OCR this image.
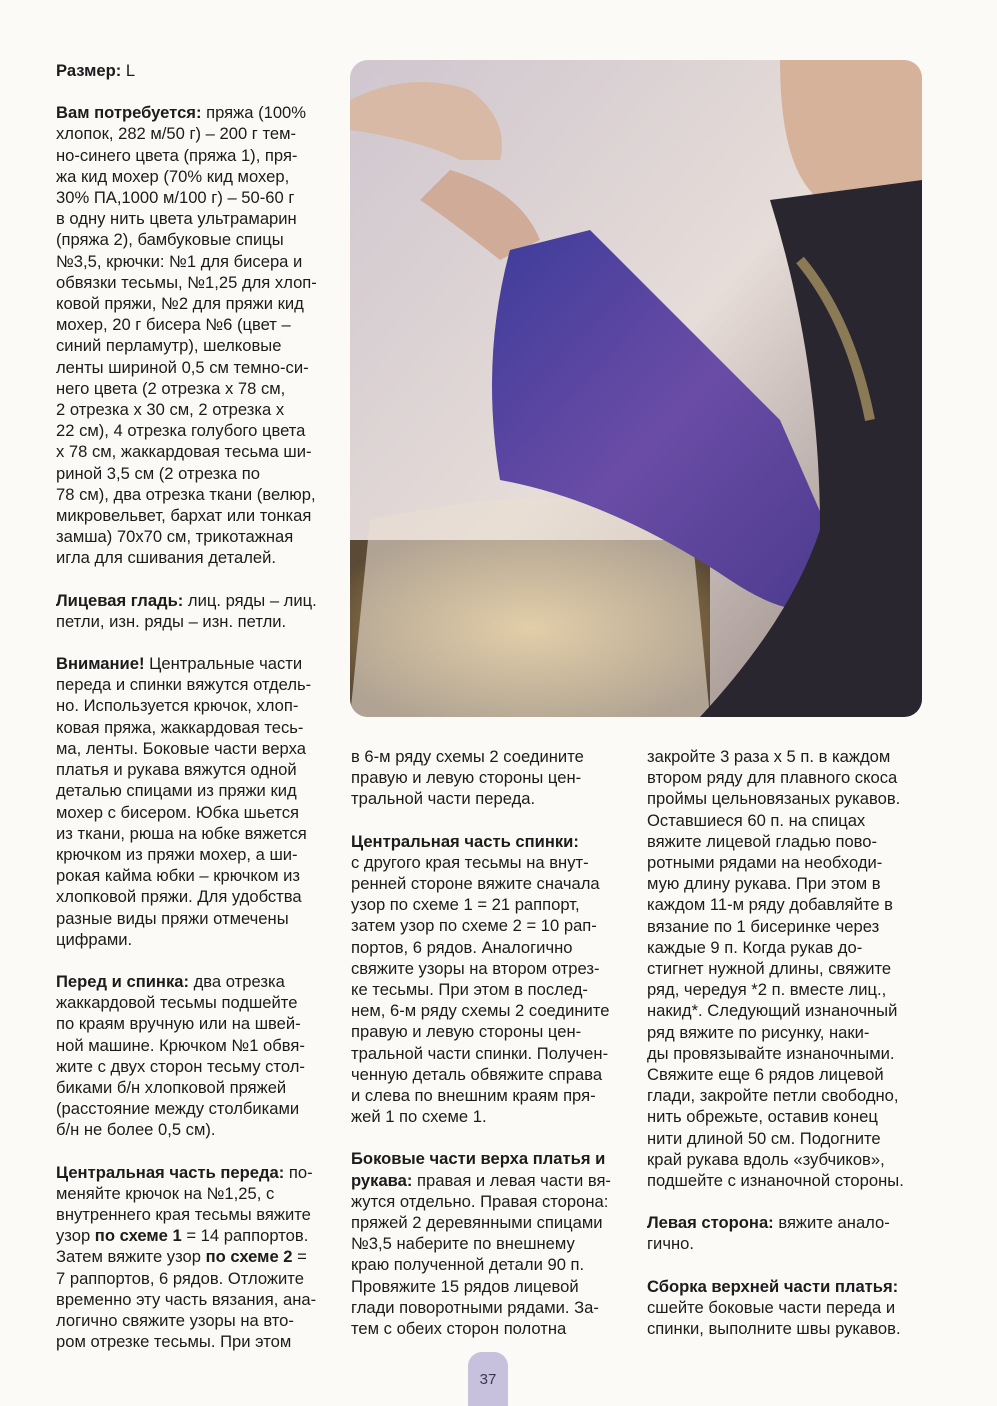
Размер: L

Вам потребуется: пряжа (100%
хлопок, 282 м/50 г) – 200 г тем-
но-синего цвета (пряжа 1), пря-
жа кид мохер (70% кид мохер,
30% ПА,1000 м/100 г) – 50-60 г
в одну нить цвета ультрамарин
(пряжа 2), бамбуковые спицы
№3,5, крючки: №1 для бисера и
обвязки тесьмы, №1,25 для хлоп-
ковой пряжи, №2 для пряжи кид
мохер, 20 г бисера №6 (цвет –
синий перламутр), шелковые
ленты шириной 0,5 см темно-си-
него цвета (2 отрезка х 78 см,
2 отрезка х 30 см, 2 отрезка х
22 см), 4 отрезка голубого цвета
х 78 см, жаккардовая тесьма ши-
риной 3,5 см (2 отрезка по
78 см), два отрезка ткани (велюр,
микровельвет, бархат или тонкая
замша) 70х70 см, трикотажная
игла для сшивания деталей.

Лицевая гладь: лиц. ряды – лиц.
петли, изн. ряды – изн. петли.

Внимание! Центральные части
переда и спинки вяжутся отдель-
но. Используется крючок, хлоп-
ковая пряжа, жаккардовая тесь-
ма, ленты. Боковые части верха
платья и рукава вяжутся одной
деталью спицами из пряжи кид
мохер с бисером. Юбка шьется
из ткани, рюша на юбке вяжется
крючком из пряжи мохер, а ши-
рокая кайма юбки – крючком из
хлопковой пряжи. Для удобства
разные виды пряжи отмечены
цифрами.

Перед и спинка: два отрезка
жаккардовой тесьмы подшейте
по краям вручную или на швей-
ной машине. Крючком №1 обвя-
жите с двух сторон тесьму стол-
биками б/н хлопковой пряжей
(расстояние между столбиками
б/н не более 0,5 см).

Центральная часть переда: по-
меняйте крючок на №1,25, с
внутреннего края тесьмы вяжите
узор по схеме 1 = 14 раппортов.
Затем вяжите узор по схеме 2 =
7 раппортов, 6 рядов. Отложите
временно эту часть вязания, ана-
логично свяжите узоры на вто-
ром отрезке тесьмы. При этом

в 6-м ряду схемы 2 соедините
правую и левую стороны цен-
тральной части переда.

Центральная часть спинки:
с другого края тесьмы на внут-
ренней стороне вяжите сначала
узор по схеме 1 = 21 раппорт,
затем узор по схеме 2 = 10 рап-
портов, 6 рядов. Аналогично
свяжите узоры на втором отрез-
ке тесьмы. При этом в послед-
нем, 6-м ряду схемы 2 соедините
правую и левую стороны цен-
тральной части спинки. Получен-
ченную деталь обвяжите справа
и слева по внешним краям пря-
жей 1 по схеме 1.

Боковые части верха платья и
рукава: правая и левая части вя-
жутся отдельно. Правая сторона:
пряжей 2 деревянными спицами
№3,5 наберите по внешнему
краю полученной детали 90 п.
Провяжите 15 рядов лицевой
глади поворотными рядами. За-
тем с обеих сторон полотна

закройте 3 раза х 5 п. в каждом
втором ряду для плавного скоса
проймы цельновязаных рукавов.
Оставшиеся 60 п. на спицах
вяжите лицевой гладью пово-
ротными рядами на необходи-
мую длину рукава. При этом в
каждом 11-м ряду добавляйте в
вязание по 1 бисеринке через
каждые 9 п. Когда рукав до-
стигнет нужной длины, свяжите
ряд, чередуя *2 п. вместе лиц.,
накид*. Следующий изнаночный
ряд вяжите по рисунку, наки-
ды провязывайте изнаночными.
Свяжите еще 6 рядов лицевой
глади, закройте петли свободно,
нить обрежьте, оставив конец
нити длиной 50 см. Подогните
край рукава вдоль «зубчиков»,
подшейте с изнаночной стороны.

Левая сторона: вяжите анало-
гично.

Сборка верхней части платья:
сшейте боковые части переда и
спинки, выполните швы рукавов.

37
